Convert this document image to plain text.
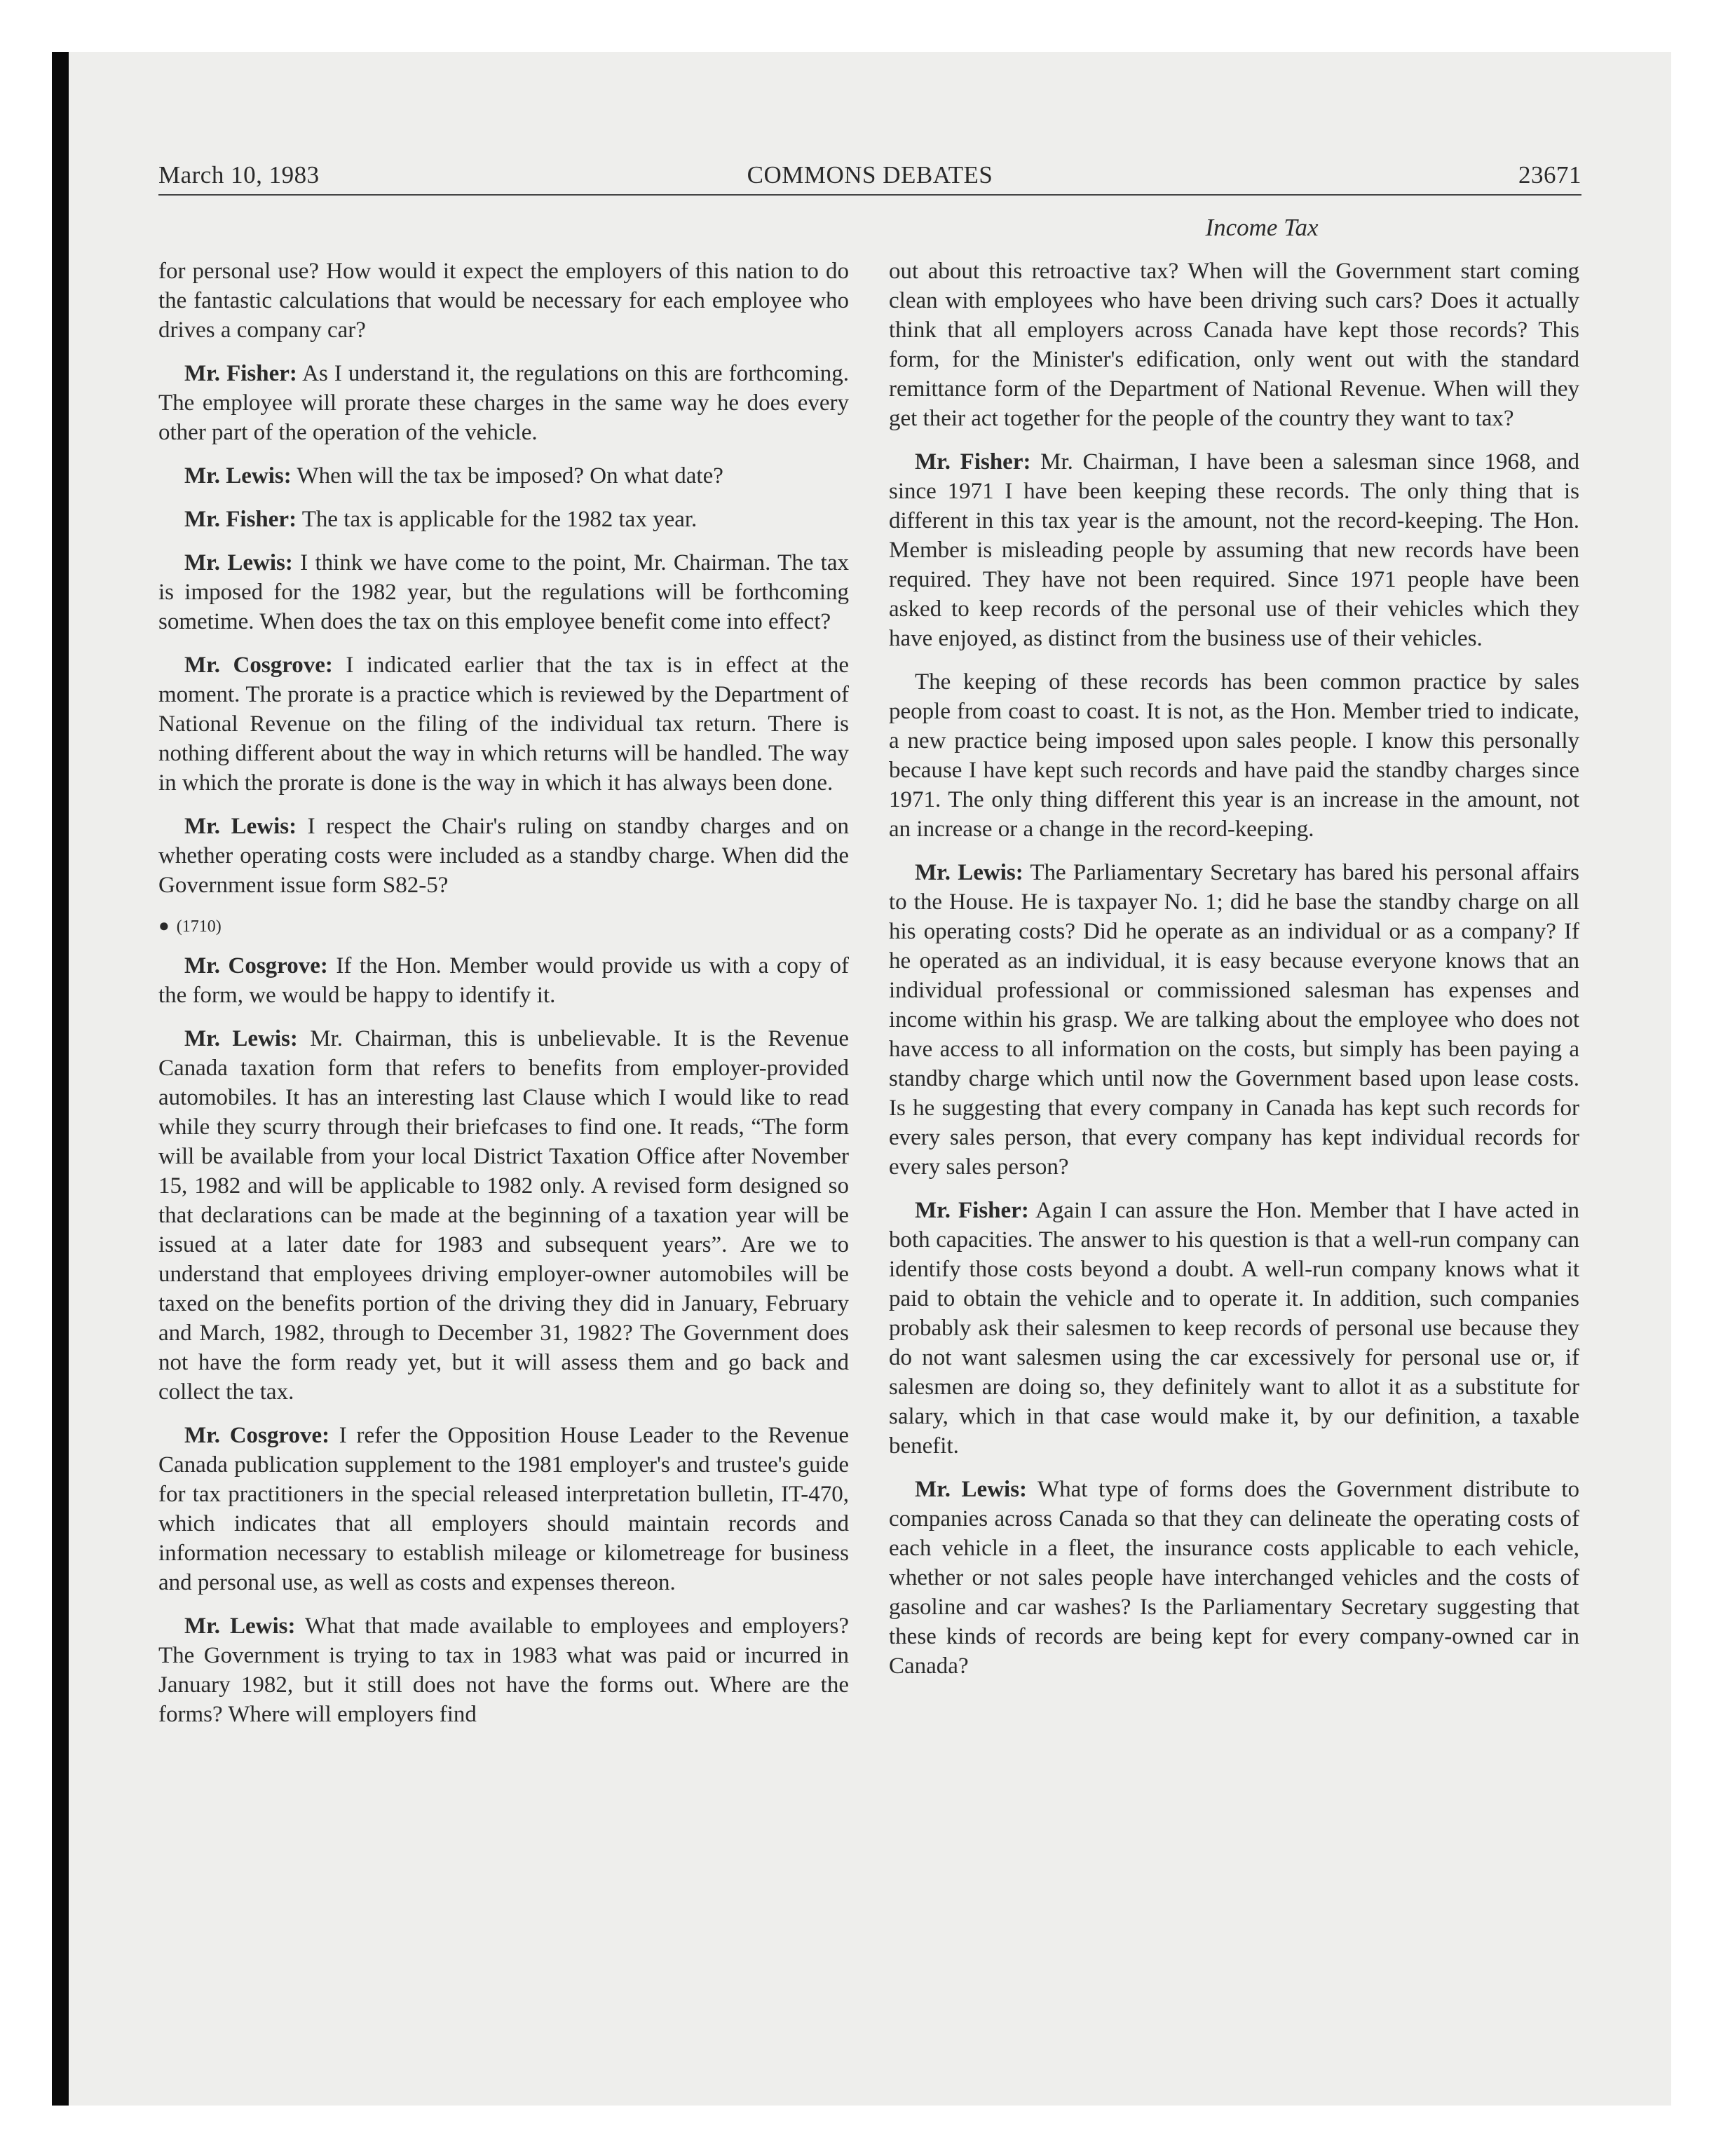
March 10, 1983	COMMONS DEBATES	23671
Income Tax

for personal use? How would it expect the employers of this nation to do the fantastic calculations that would be necessary for each employee who drives a company car?

Mr. Fisher: As I understand it, the regulations on this are forthcoming. The employee will prorate these charges in the same way he does every other part of the operation of the vehicle.

Mr. Lewis: When will the tax be imposed? On what date?

Mr. Fisher: The tax is applicable for the 1982 tax year.

Mr. Lewis: I think we have come to the point, Mr. Chairman. The tax is imposed for the 1982 year, but the regulations will be forthcoming sometime. When does the tax on this employee benefit come into effect?

Mr. Cosgrove: I indicated earlier that the tax is in effect at the moment. The prorate is a practice which is reviewed by the Department of National Revenue on the filing of the individual tax return. There is nothing different about the way in which returns will be handled. The way in which the prorate is done is the way in which it has always been done.

Mr. Lewis: I respect the Chair's ruling on standby charges and on whether operating costs were included as a standby charge. When did the Government issue form S82-5?

● (1710)

Mr. Cosgrove: If the Hon. Member would provide us with a copy of the form, we would be happy to identify it.

Mr. Lewis: Mr. Chairman, this is unbelievable. It is the Revenue Canada taxation form that refers to benefits from employer-provided automobiles. It has an interesting last Clause which I would like to read while they scurry through their briefcases to find one. It reads, “The form will be available from your local District Taxation Office after November 15, 1982 and will be applicable to 1982 only. A revised form designed so that declarations can be made at the beginning of a taxation year will be issued at a later date for 1983 and subsequent years”. Are we to understand that employees driving employer-owner automobiles will be taxed on the benefits portion of the driving they did in January, February and March, 1982, through to December 31, 1982? The Government does not have the form ready yet, but it will assess them and go back and collect the tax.

Mr. Cosgrove: I refer the Opposition House Leader to the Revenue Canada publication supplement to the 1981 employer's and trustee's guide for tax practitioners in the special released interpretation bulletin, IT-470, which indicates that all employers should maintain records and information necessary to establish mileage or kilometreage for business and personal use, as well as costs and expenses thereon.

Mr. Lewis: What that made available to employees and employers? The Government is trying to tax in 1983 what was paid or incurred in January 1982, but it still does not have the forms out. Where are the forms? Where will employers find

out about this retroactive tax? When will the Government start coming clean with employees who have been driving such cars? Does it actually think that all employers across Canada have kept those records? This form, for the Minister's edification, only went out with the standard remittance form of the Department of National Revenue. When will they get their act together for the people of the country they want to tax?

Mr. Fisher: Mr. Chairman, I have been a salesman since 1968, and since 1971 I have been keeping these records. The only thing that is different in this tax year is the amount, not the record-keeping. The Hon. Member is misleading people by assuming that new records have been required. They have not been required. Since 1971 people have been asked to keep records of the personal use of their vehicles which they have enjoyed, as distinct from the business use of their vehicles.

The keeping of these records has been common practice by sales people from coast to coast. It is not, as the Hon. Member tried to indicate, a new practice being imposed upon sales people. I know this personally because I have kept such records and have paid the standby charges since 1971. The only thing different this year is an increase in the amount, not an increase or a change in the record-keeping.

Mr. Lewis: The Parliamentary Secretary has bared his personal affairs to the House. He is taxpayer No. 1; did he base the standby charge on all his operating costs? Did he operate as an individual or as a company? If he operated as an individual, it is easy because everyone knows that an individual professional or commissioned salesman has expenses and income within his grasp. We are talking about the employee who does not have access to all information on the costs, but simply has been paying a standby charge which until now the Government based upon lease costs. Is he suggesting that every company in Canada has kept such records for every sales person, that every company has kept individual records for every sales person?

Mr. Fisher: Again I can assure the Hon. Member that I have acted in both capacities. The answer to his question is that a well-run company can identify those costs beyond a doubt. A well-run company knows what it paid to obtain the vehicle and to operate it. In addition, such companies probably ask their salesmen to keep records of personal use because they do not want salesmen using the car excessively for personal use or, if salesmen are doing so, they definitely want to allot it as a substitute for salary, which in that case would make it, by our definition, a taxable benefit.

Mr. Lewis: What type of forms does the Government distribute to companies across Canada so that they can delineate the operating costs of each vehicle in a fleet, the insurance costs applicable to each vehicle, whether or not sales people have interchanged vehicles and the costs of gasoline and car washes? Is the Parliamentary Secretary suggesting that these kinds of records are being kept for every company-owned car in Canada?
